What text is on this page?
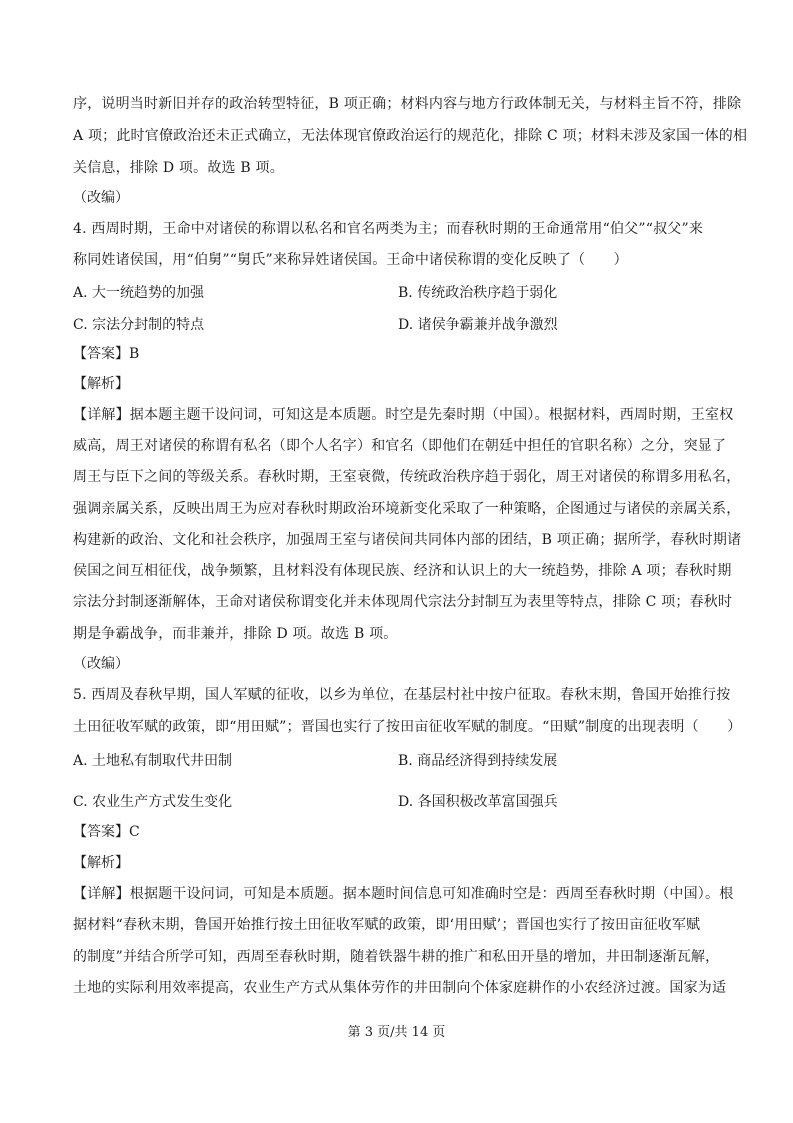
序，说明当时新旧并存的政治转型特征，B 项正确；材料内容与地方行政体制无关，与材料主旨不符，排除
A 项；此时官僚政治还未正式确立，无法体现官僚政治运行的规范化，排除 C 项；材料未涉及家国一体的相
关信息，排除 D 项。故选 B 项。
（改编）
4. 西周时期，王命中对诸侯的称谓以私名和官名两类为主；而春秋时期的王命通常用“伯父”“叔父”来
称同姓诸侯国，用“伯舅”“舅氏”来称异姓诸侯国。王命中诸侯称谓的变化反映了（　　）
A. 大一统趋势的加强	B. 传统政治秩序趋于弱化
C. 宗法分封制的特点	D. 诸侯争霸兼并战争激烈
【答案】B
【解析】
【详解】据本题主题干设问词，可知这是本质题。时空是先秦时期（中国）。根据材料，西周时期，王室权
威高，周王对诸侯的称谓有私名（即个人名字）和官名（即他们在朝廷中担任的官职名称）之分，突显了
周王与臣下之间的等级关系。春秋时期，王室衰微，传统政治秩序趋于弱化，周王对诸侯的称谓多用私名，
强调亲属关系，反映出周王为应对春秋时期政治环境新变化采取了一种策略，企图通过与诸侯的亲属关系，
构建新的政治、文化和社会秩序，加强周王室与诸侯间共同体内部的团结，B 项正确；据所学，春秋时期诸
侯国之间互相征伐，战争频繁，且材料没有体现民族、经济和认识上的大一统趋势，排除 A 项；春秋时期
宗法分封制逐渐解体，王命对诸侯称谓变化并未体现周代宗法分封制互为表里等特点，排除 C 项；春秋时
期是争霸战争，而非兼并，排除 D 项。故选 B 项。
（改编）
5. 西周及春秋早期，国人军赋的征收，以乡为单位，在基层村社中按户征取。春秋末期，鲁国开始推行按
土田征收军赋的政策，即“用田赋”；晋国也实行了按田亩征收军赋的制度。“田赋”制度的出现表明（　　）
A. 土地私有制取代井田制	B. 商品经济得到持续发展
C. 农业生产方式发生变化	D. 各国积极改革富国强兵
【答案】C
【解析】
【详解】根据题干设问词，可知是本质题。据本题时间信息可知准确时空是：西周至春秋时期（中国）。根
据材料“春秋末期，鲁国开始推行按土田征收军赋的政策，即‘用田赋’；晋国也实行了按田亩征收军赋
的制度”并结合所学可知，西周至春秋时期，随着铁器牛耕的推广和私田开垦的增加，井田制逐渐瓦解，
土地的实际利用效率提高，农业生产方式从集体劳作的井田制向个体家庭耕作的小农经济过渡。国家为适
第 3 页/共 14 页
